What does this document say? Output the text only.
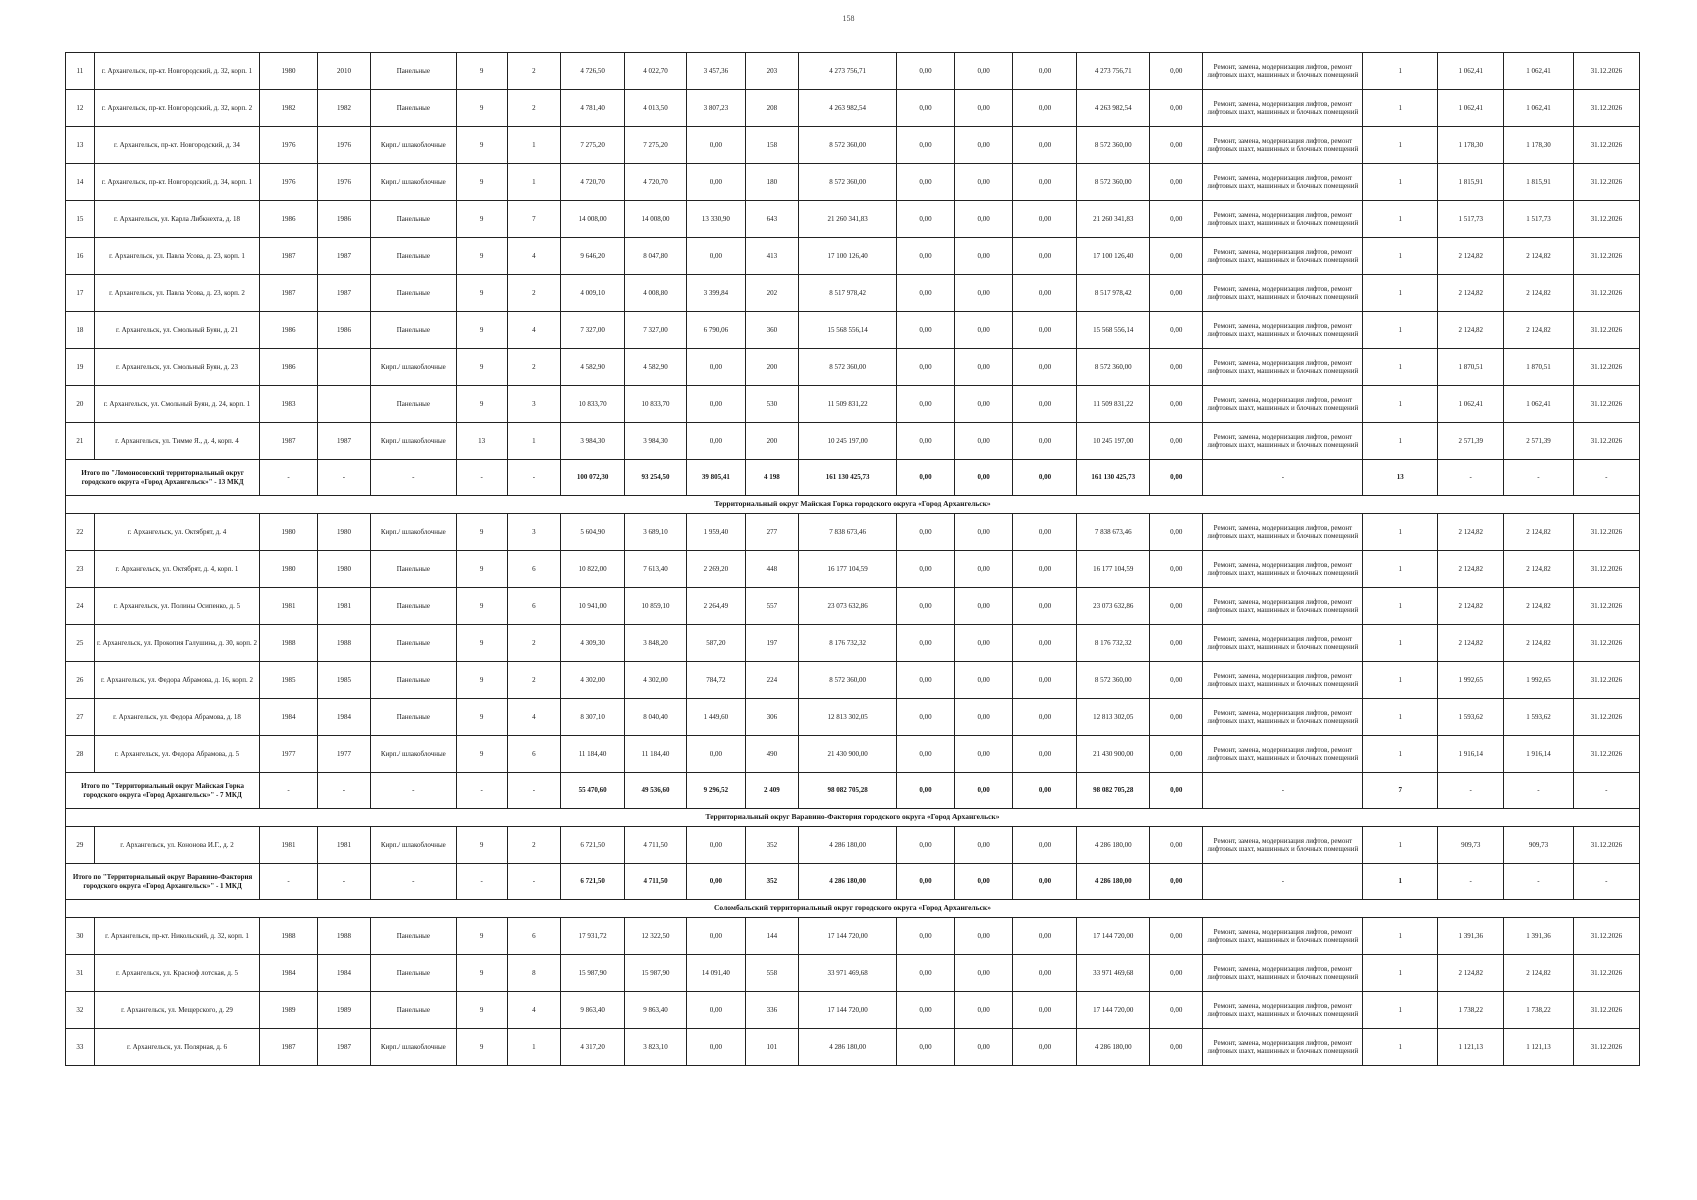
158
11	г. Архангельск, пр-кт. Новгородский, д. 32, корп. 1	1980	2010	Панельные	9	2	4 726,50	4 022,70	3 457,36	203	4 273 756,71	0,00	0,00	0,00	4 273 756,71	0,00	Ремонт, замена, модернизация лифтов, ремонт лифтовых шахт, машинных и блочных помещений	1	1 062,41	1 062,41	31.12.2026
12	г. Архангельск, пр-кт. Новгородский, д. 32, корп. 2	1982	1982	Панельные	9	2	4 781,40	4 013,50	3 807,23	208	4 263 982,54	0,00	0,00	0,00	4 263 982,54	0,00	Ремонт, замена, модернизация лифтов, ремонт лифтовых шахт, машинных и блочных помещений	1	1 062,41	1 062,41	31.12.2026
13	г. Архангельск, пр-кт. Новгородский, д. 34	1976	1976	Кирп./ шлакоблочные	9	1	7 275,20	7 275,20	0,00	158	8 572 360,00	0,00	0,00	0,00	8 572 360,00	0,00	Ремонт, замена, модернизация лифтов, ремонт лифтовых шахт, машинных и блочных помещений	1	1 178,30	1 178,30	31.12.2026
14	г. Архангельск, пр-кт. Новгородский, д. 34, корп. 1	1976	1976	Кирп./ шлакоблочные	9	1	4 720,70	4 720,70	0,00	180	8 572 360,00	0,00	0,00	0,00	8 572 360,00	0,00	Ремонт, замена, модернизация лифтов, ремонт лифтовых шахт, машинных и блочных помещений	1	1 815,91	1 815,91	31.12.2026
15	г. Архангельск, ул. Карла Либкнехта, д. 18	1986	1986	Панельные	9	7	14 008,00	14 008,00	13 330,90	643	21 260 341,83	0,00	0,00	0,00	21 260 341,83	0,00	Ремонт, замена, модернизация лифтов, ремонт лифтовых шахт, машинных и блочных помещений	1	1 517,73	1 517,73	31.12.2026
16	г. Архангельск, ул. Павла Усова, д. 23, корп. 1	1987	1987	Панельные	9	4	9 646,20	8 047,80	0,00	413	17 100 126,40	0,00	0,00	0,00	17 100 126,40	0,00	Ремонт, замена, модернизация лифтов, ремонт лифтовых шахт, машинных и блочных помещений	1	2 124,82	2 124,82	31.12.2026
17	г. Архангельск, ул. Павла Усова, д. 23, корп. 2	1987	1987	Панельные	9	2	4 009,10	4 008,80	3 399,84	202	8 517 978,42	0,00	0,00	0,00	8 517 978,42	0,00	Ремонт, замена, модернизация лифтов, ремонт лифтовых шахт, машинных и блочных помещений	1	2 124,82	2 124,82	31.12.2026
18	г. Архангельск, ул. Смольный Буян, д. 21	1986	1986	Панельные	9	4	7 327,00	7 327,00	6 790,06	360	15 568 556,14	0,00	0,00	0,00	15 568 556,14	0,00	Ремонт, замена, модернизация лифтов, ремонт лифтовых шахт, машинных и блочных помещений	1	2 124,82	2 124,82	31.12.2026
19	г. Архангельск, ул. Смольный Буян, д. 23	1986		Кирп./ шлакоблочные	9	2	4 582,90	4 582,90	0,00	200	8 572 360,00	0,00	0,00	0,00	8 572 360,00	0,00	Ремонт, замена, модернизация лифтов, ремонт лифтовых шахт, машинных и блочных помещений	1	1 870,51	1 870,51	31.12.2026
20	г. Архангельск, ул. Смольный Буян, д. 24, корп. 1	1983		Панельные	9	3	10 833,70	10 833,70	0,00	530	11 509 831,22	0,00	0,00	0,00	11 509 831,22	0,00	Ремонт, замена, модернизация лифтов, ремонт лифтовых шахт, машинных и блочных помещений	1	1 062,41	1 062,41	31.12.2026
21	г. Архангельск, ул. Тимме Я., д. 4, корп. 4	1987	1987	Кирп./ шлакоблочные	13	1	3 984,30	3 984,30	0,00	200	10 245 197,00	0,00	0,00	0,00	10 245 197,00	0,00	Ремонт, замена, модернизация лифтов, ремонт лифтовых шахт, машинных и блочных помещений	1	2 571,39	2 571,39	31.12.2026
Итого по "Ломоносовский территориальный округ городского округа «Город Архангельск»" - 13 МКД		-	-	-	-	-	100 072,30	93 254,50	39 805,41	4 198	161 130 425,73	0,00	0,00	0,00	161 130 425,73	0,00	-	13	-	-	-
Территориальный округ Майская Горка городского округа «Город Архангельск»																					
22	г. Архангельск, ул. Октябрят, д. 4	1980	1980	Кирп./ шлакоблочные	9	3	5 604,90	3 689,10	1 959,40	277	7 838 673,46	0,00	0,00	0,00	7 838 673,46	0,00	Ремонт, замена, модернизация лифтов, ремонт лифтовых шахт, машинных и блочных помещений	1	2 124,82	2 124,82	31.12.2026
23	г. Архангельск, ул. Октябрят, д. 4, корп. 1	1980	1980	Панельные	9	6	10 822,00	7 613,40	2 269,20	448	16 177 104,59	0,00	0,00	0,00	16 177 104,59	0,00	Ремонт, замена, модернизация лифтов, ремонт лифтовых шахт, машинных и блочных помещений	1	2 124,82	2 124,82	31.12.2026
24	г. Архангельск, ул. Полины Осипенко, д. 5	1981	1981	Панельные	9	6	10 941,00	10 859,10	2 264,49	557	23 073 632,86	0,00	0,00	0,00	23 073 632,86	0,00	Ремонт, замена, модернизация лифтов, ремонт лифтовых шахт, машинных и блочных помещений	1	2 124,82	2 124,82	31.12.2026
25	г. Архангельск, ул. Прокопия Галушина, д. 30, корп. 2	1988	1988	Панельные	9	2	4 309,30	3 848,20	587,20	197	8 176 732,32	0,00	0,00	0,00	8 176 732,32	0,00	Ремонт, замена, модернизация лифтов, ремонт лифтовых шахт, машинных и блочных помещений	1	2 124,82	2 124,82	31.12.2026
26	г. Архангельск, ул. Федора Абрамова, д. 16, корп. 2	1985	1985	Панельные	9	2	4 302,00	4 302,00	784,72	224	8 572 360,00	0,00	0,00	0,00	8 572 360,00	0,00	Ремонт, замена, модернизация лифтов, ремонт лифтовых шахт, машинных и блочных помещений	1	1 992,65	1 992,65	31.12.2026
27	г. Архангельск, ул. Федора Абрамова, д. 18	1984	1984	Панельные	9	4	8 307,10	8 040,40	1 449,60	306	12 813 302,05	0,00	0,00	0,00	12 813 302,05	0,00	Ремонт, замена, модернизация лифтов, ремонт лифтовых шахт, машинных и блочных помещений	1	1 593,62	1 593,62	31.12.2026
28	г. Архангельск, ул. Федора Абрамова, д. 5	1977	1977	Кирп./ шлакоблочные	9	6	11 184,40	11 184,40	0,00	490	21 430 900,00	0,00	0,00	0,00	21 430 900,00	0,00	Ремонт, замена, модернизация лифтов, ремонт лифтовых шахт, машинных и блочных помещений	1	1 916,14	1 916,14	31.12.2026
Итого по "Территориальный округ Майская Горка городского округа «Город Архангельск»" - 7 МКД		-	-	-	-	-	55 470,60	49 536,60	9 296,52	2 409	98 082 705,28	0,00	0,00	0,00	98 082 705,28	0,00	-	7	-	-	-
Территориальный округ Варавино-Фактория городского округа «Город Архангельск»																					
29	г. Архангельск, ул. Кононова И.Г., д. 2	1981	1981	Кирп./ шлакоблочные	9	2	6 721,50	4 711,50	0,00	352	4 286 180,00	0,00	0,00	0,00	4 286 180,00	0,00	Ремонт, замена, модернизация лифтов, ремонт лифтовых шахт, машинных и блочных помещений	1	909,73	909,73	31.12.2026
Итого по "Территориальный округ Варавино-Фактория городского округа «Город Архангельск»" - 1 МКД		-	-	-	-	-	6 721,50	4 711,50	0,00	352	4 286 180,00	0,00	0,00	0,00	4 286 180,00	0,00	-	1	-	-	-
Соломбальский территориальный округ городского округа «Город Архангельск»																					
30	г. Архангельск, пр-кт. Никольский, д. 32, корп. 1	1988	1988	Панельные	9	6	17 931,72	12 322,50	0,00	144	17 144 720,00	0,00	0,00	0,00	17 144 720,00	0,00	Ремонт, замена, модернизация лифтов, ремонт лифтовых шахт, машинных и блочных помещений	1	1 391,36	1 391,36	31.12.2026
31	г. Архангельск, ул. Красноф лотская, д. 5	1984	1984	Панельные	9	8	15 987,90	15 987,90	14 091,40	558	33 971 469,68	0,00	0,00	0,00	33 971 469,68	0,00	Ремонт, замена, модернизация лифтов, ремонт лифтовых шахт, машинных и блочных помещений	1	2 124,82	2 124,82	31.12.2026
32	г. Архангельск, ул. Мещерского, д. 29	1989	1989	Панельные	9	4	9 863,40	9 863,40	0,00	336	17 144 720,00	0,00	0,00	0,00	17 144 720,00	0,00	Ремонт, замена, модернизация лифтов, ремонт лифтовых шахт, машинных и блочных помещений	1	1 738,22	1 738,22	31.12.2026
33	г. Архангельск, ул. Полярная, д. 6	1987	1987	Кирп./ шлакоблочные	9	1	4 317,20	3 823,10	0,00	101	4 286 180,00	0,00	0,00	0,00	4 286 180,00	0,00	Ремонт, замена, модернизация лифтов, ремонт лифтовых шахт, машинных и блочных помещений	1	1 121,13	1 121,13	31.12.2026
